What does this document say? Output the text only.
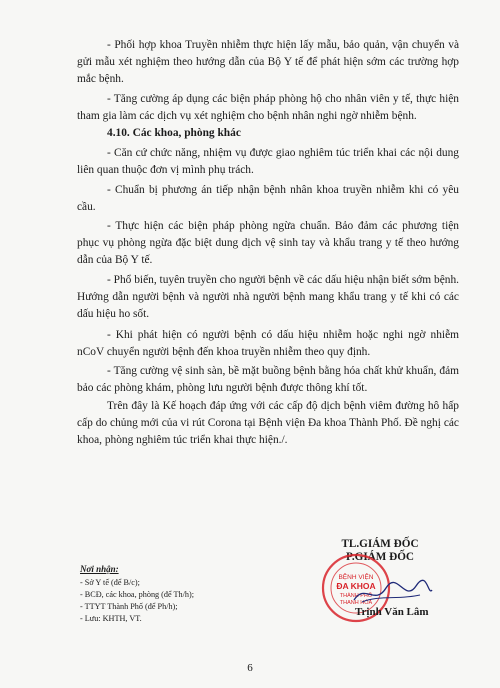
- Phối hợp khoa Truyền nhiễm thực hiện lấy mẫu, bảo quản, vận chuyển và gửi mẫu xét nghiệm theo hướng dẫn của Bộ Y tế để phát hiện sớm các trường hợp mắc bệnh.

- Tăng cường áp dụng các biện pháp phòng hộ cho nhân viên y tế, thực hiện tham gia làm các dịch vụ xét nghiệm cho bệnh nhân nghi ngờ nhiễm bệnh.

4.10. Các khoa, phòng khác

- Căn cứ chức năng, nhiệm vụ được giao nghiêm túc triển khai các nội dung liên quan thuộc đơn vị mình phụ trách.

- Chuẩn bị phương án tiếp nhận bệnh nhân khoa truyền nhiễm khi có yêu cầu.

- Thực hiện các biện pháp phòng ngừa chuẩn. Bảo đảm các phương tiện phục vụ phòng ngừa đặc biệt dung dịch vệ sinh tay và khẩu trang y tế theo hướng dẫn của Bộ Y tế.

- Phổ biến, tuyên truyền cho người bệnh về các dấu hiệu nhận biết sớm bệnh. Hướng dẫn người bệnh và người nhà người bệnh mang khẩu trang y tế khi có các dấu hiệu ho sốt.

- Khi phát hiện có người bệnh có dấu hiệu nhiễm hoặc nghi ngờ nhiễm nCoV chuyển người bệnh đến khoa truyền nhiễm theo quy định.

- Tăng cường vệ sinh sàn, bề mặt buồng bệnh bằng hóa chất khử khuẩn, đảm bảo các phòng khám, phòng lưu người bệnh được thông khí tốt.

Trên đây là Kế hoạch đáp ứng với các cấp độ dịch bệnh viêm đường hô hấp cấp do chủng mới của vi rút Corona tại Bệnh viện Đa khoa Thành Phố. Đề nghị các khoa, phòng nghiêm túc triển khai thực hiện./.

Nơi nhận:
- Sở Y tế (để B/c);
- BCĐ, các khoa, phòng (để Th/h);
- TTYT Thành Phố (để Ph/h);
- Lưu: KHTH, VT.
TL.GIÁM ĐỐC
P.GIÁM ĐỐC
BỆNH VIỆN
ĐA KHOA
THÀNH PHỐ
THANH HÓA
Trịnh Văn Lâm
6
